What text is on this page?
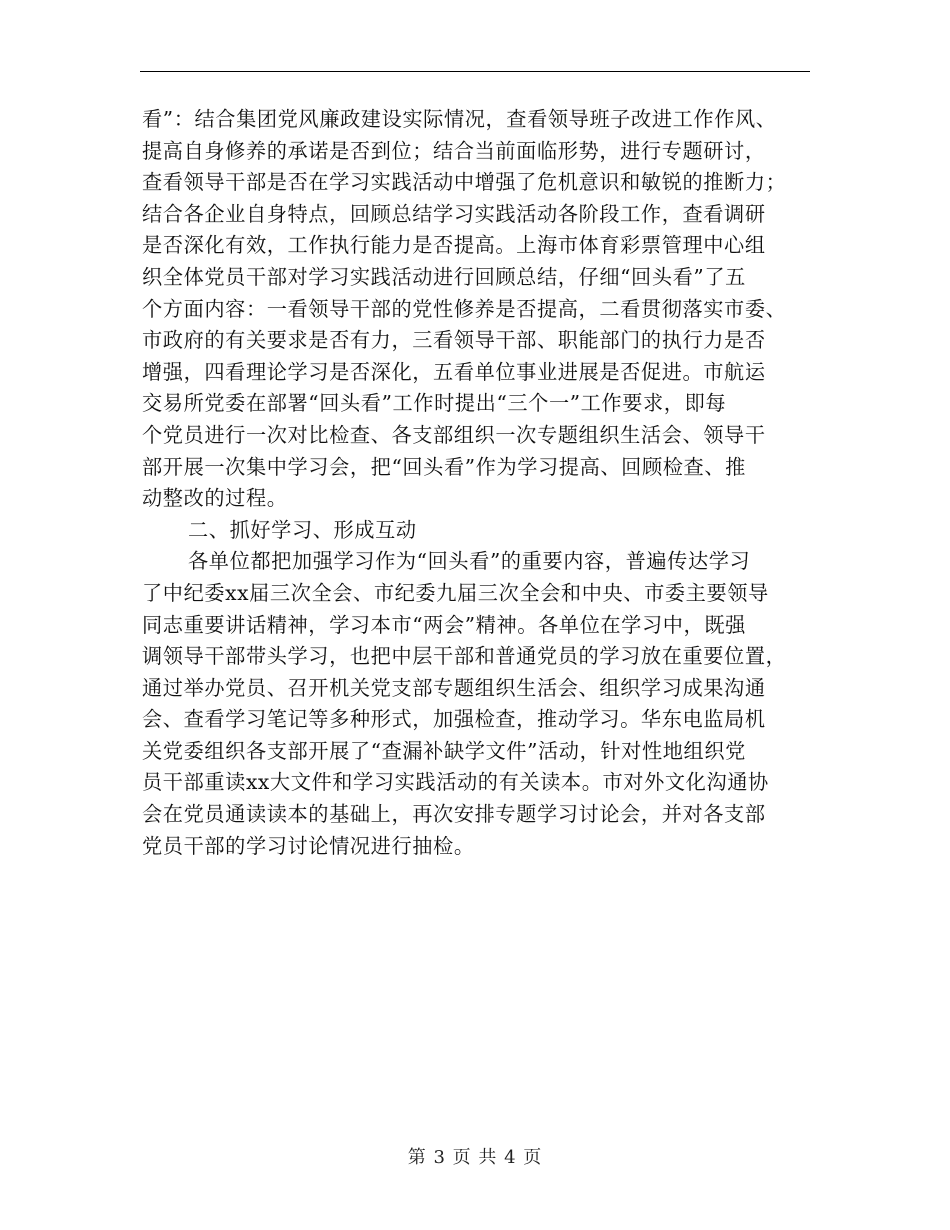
看”：结合集团党风廉政建设实际情况，查看领导班子改进工作作风、
提高自身修养的承诺是否到位；结合当前面临形势，进行专题研讨，
查看领导干部是否在学习实践活动中增强了危机意识和敏锐的推断力；
结合各企业自身特点，回顾总结学习实践活动各阶段工作，查看调研
是否深化有效，工作执行能力是否提高。上海市体育彩票管理中心组
织全体党员干部对学习实践活动进行回顾总结，仔细“回头看”了五
个方面内容：一看领导干部的党性修养是否提高，二看贯彻落实市委、
市政府的有关要求是否有力，三看领导干部、职能部门的执行力是否
增强，四看理论学习是否深化，五看单位事业进展是否促进。市航运
交易所党委在部署“回头看”工作时提出“三个一”工作要求，即每
个党员进行一次对比检查、各支部组织一次专题组织生活会、领导干
部开展一次集中学习会，把“回头看”作为学习提高、回顾检查、推
动整改的过程。
二、抓好学习、形成互动
各单位都把加强学习作为“回头看”的重要内容，普遍传达学习
了中纪委xx届三次全会、市纪委九届三次全会和中央、市委主要领导
同志重要讲话精神，学习本市“两会”精神。各单位在学习中，既强
调领导干部带头学习，也把中层干部和普通党员的学习放在重要位置，
通过举办党员、召开机关党支部专题组织生活会、组织学习成果沟通
会、查看学习笔记等多种形式，加强检查，推动学习。华东电监局机
关党委组织各支部开展了“查漏补缺学文件”活动，针对性地组织党
员干部重读xx大文件和学习实践活动的有关读本。市对外文化沟通协
会在党员通读读本的基础上，再次安排专题学习讨论会，并对各支部
党员干部的学习讨论情况进行抽检。
第 3 页 共 4 页
